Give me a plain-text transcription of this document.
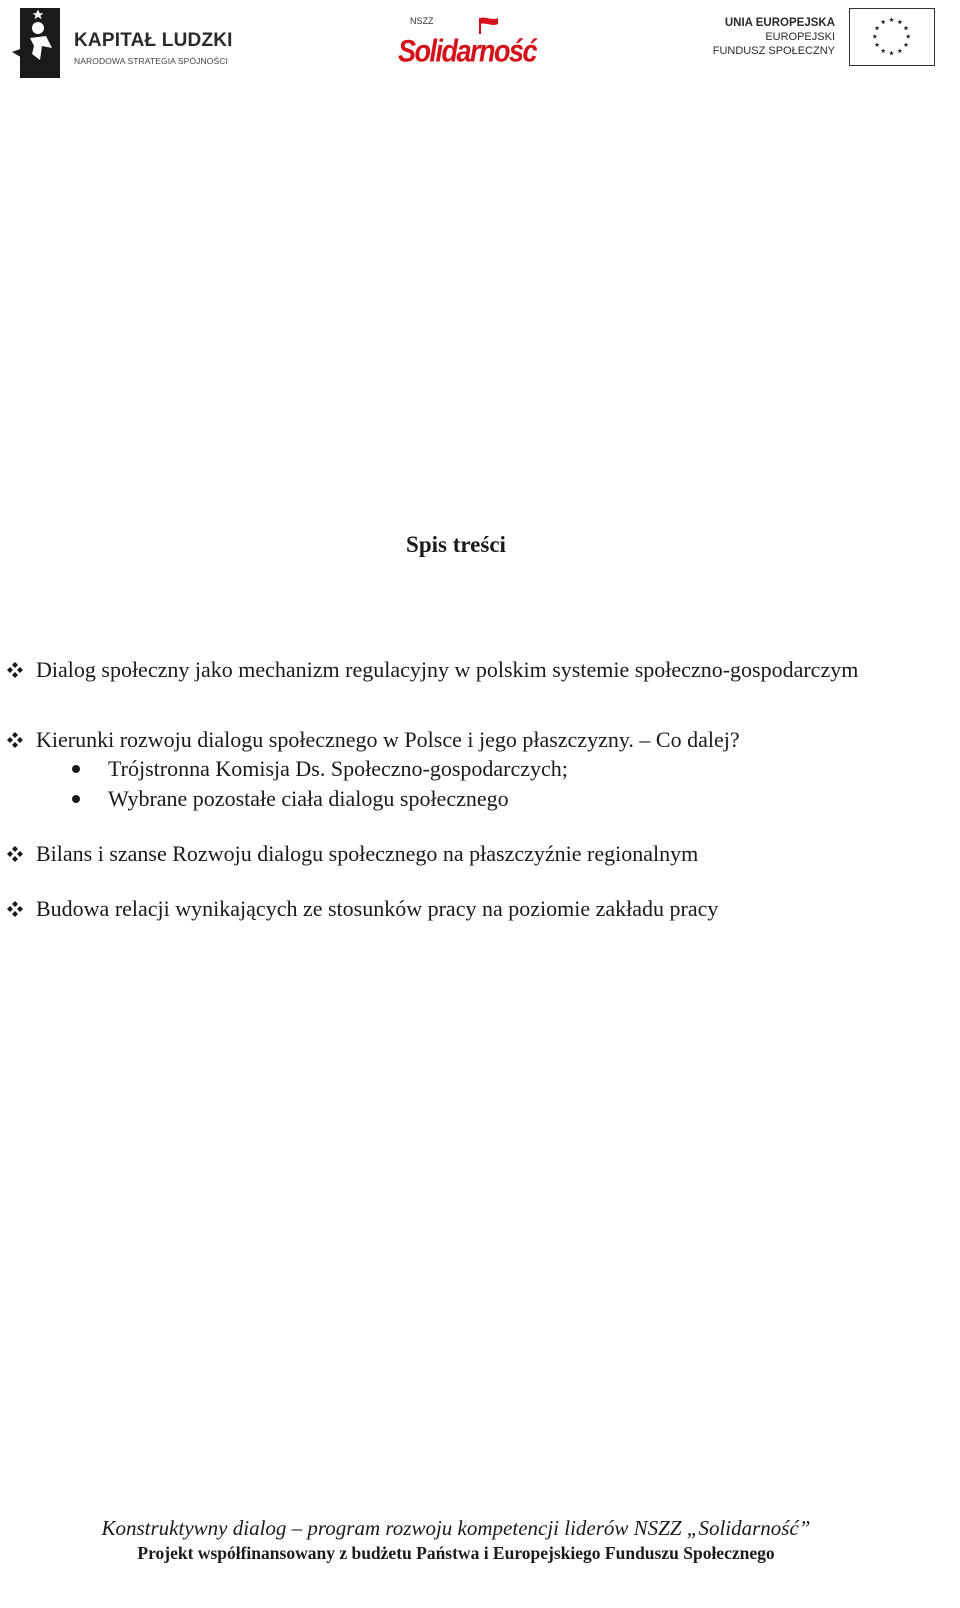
KAPITAŁ LUDZKI
NARODOWA STRATEGIA SPÓJNOŚCI
NSZZ
Solidarność
UNIA EUROPEJSKA
EUROPEJSKI
FUNDUSZ SPOŁECZNY
Spis treści
Dialog społeczny jako mechanizm regulacyjny w polskim systemie społeczno-gospodarczym
Kierunki rozwoju dialogu społecznego w Polsce i jego płaszczyzny. – Co dalej?
Trójstronna Komisja Ds. Społeczno-gospodarczych;
Wybrane pozostałe ciała dialogu społecznego
Bilans i szanse Rozwoju dialogu społecznego na płaszczyźnie regionalnym
Budowa relacji wynikających ze stosunków pracy na poziomie zakładu pracy
Konstruktywny dialog – program rozwoju kompetencji liderów NSZZ „Solidarność”
Projekt współfinansowany z budżetu Państwa i Europejskiego Funduszu Społecznego
